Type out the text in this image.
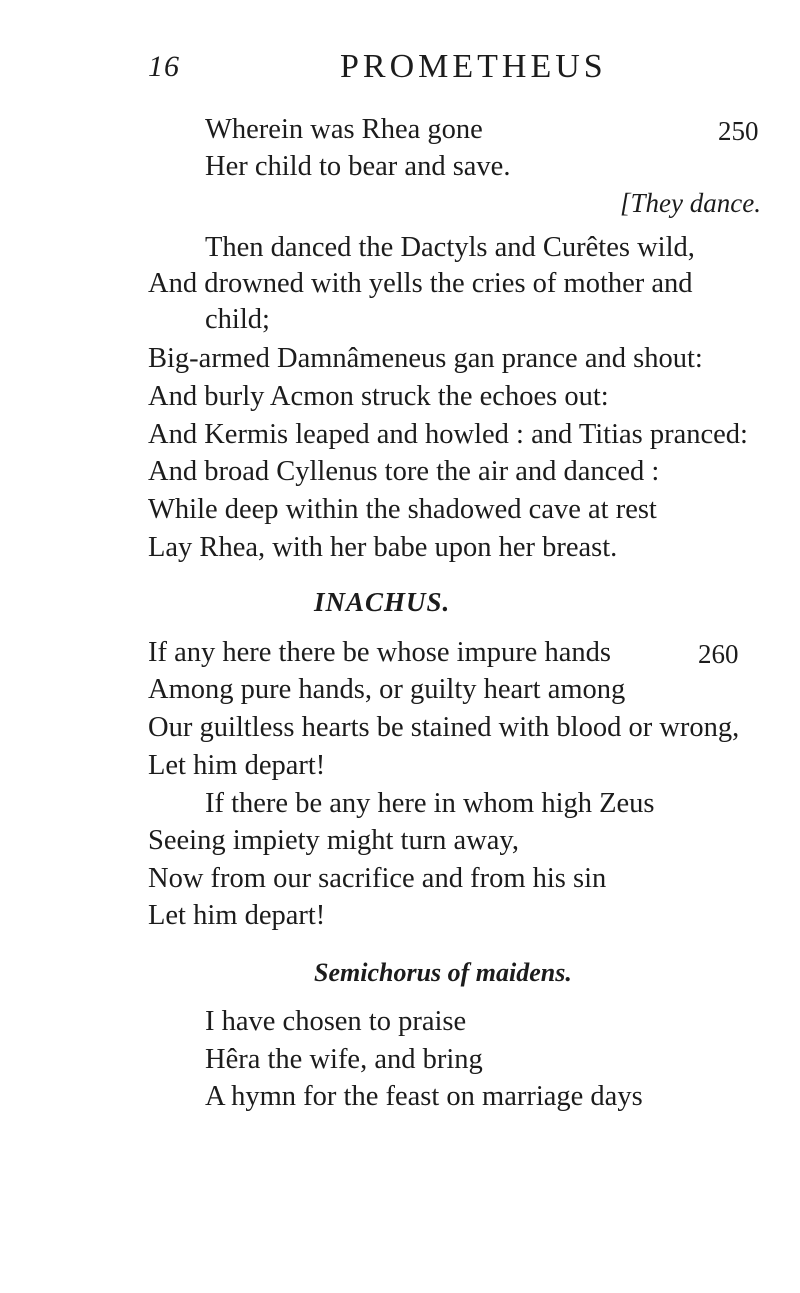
16	PROMETHEUS
Wherein was Rhea gone	250
Her child to bear and save.
[They dance.
Then danced the Dactyls and Curêtes wild,
And drowned with yells the cries of mother and
child;
Big-armed Damnâmeneus gan prance and shout:
And burly Acmon struck the echoes out:
And Kermis leaped and howled : and Titias pranced:
And broad Cyllenus tore the air and danced :
While deep within the shadowed cave at rest
Lay Rhea, with her babe upon her breast.
INACHUS.
If any here there be whose impure hands	260
Among pure hands, or guilty heart among
Our guiltless hearts be stained with blood or wrong,
Let him depart!
If there be any here in whom high Zeus
Seeing impiety might turn away,
Now from our sacrifice and from his sin
Let him depart!
Semichorus of maidens.
I have chosen to praise
Hêra the wife, and bring
A hymn for the feast on marriage days
